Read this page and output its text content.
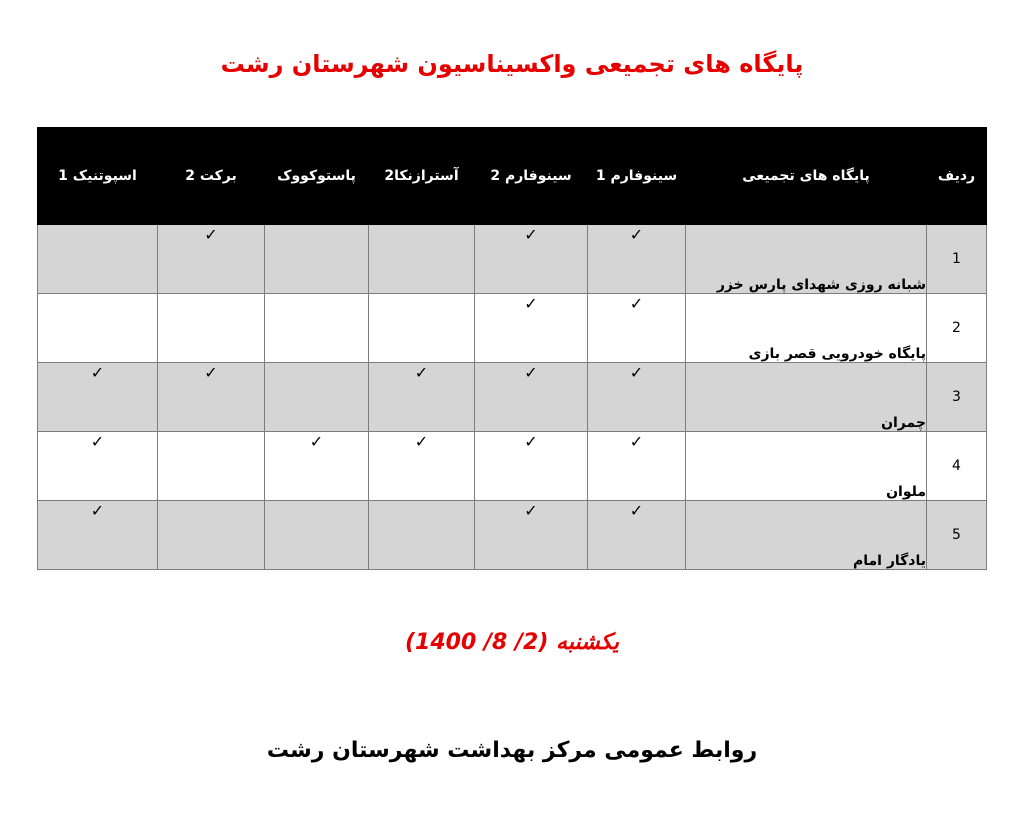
پایگاه های تجمیعی واکسیناسیون شهرستان رشت
ردیف	پایگاه های تجمیعی	سینوفارم 1	سینوفارم 2	آسترازنکا2	پاستوکووک	برکت 2	اسپوتنیک 1
1	شبانه روزی شهدای پارس خزر	✓	✓			✓	
2	پایگاه خودرویی قصر بازی	✓	✓				
3	چمران	✓	✓	✓		✓	✓
4	ملوان	✓	✓	✓	✓		✓
5	یادگار امام	✓	✓				✓
یکشنبه (2/ 8/ 1400)
روابط عمومی مرکز بهداشت شهرستان رشت
